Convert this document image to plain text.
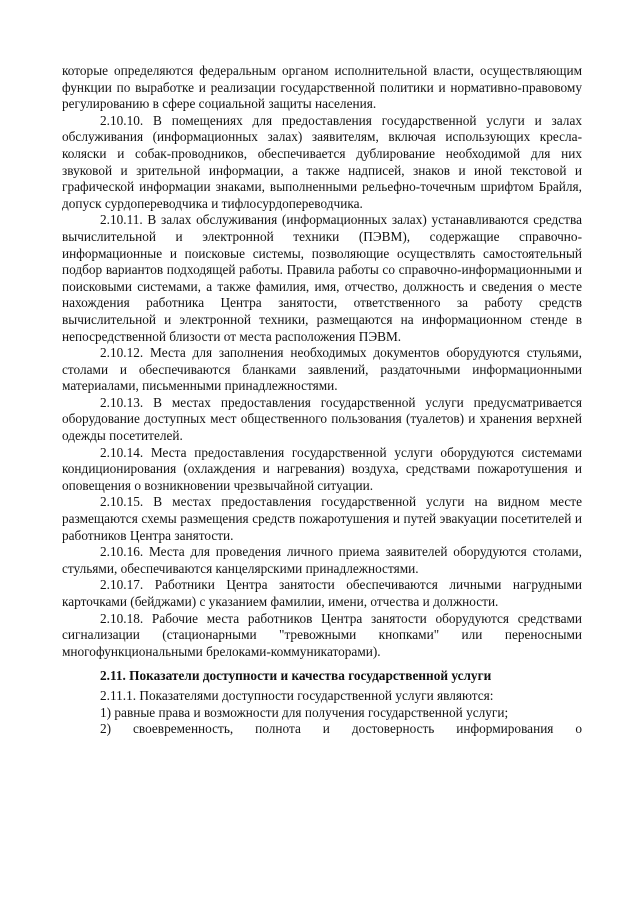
которые определяются федеральным органом исполнительной власти, осуществляющим функции по выработке и реализации государственной политики и нормативно-правовому регулированию в сфере социальной защиты населения.

2.10.10. В помещениях для предоставления государственной услуги и залах обслуживания (информационных залах) заявителям, включая использующих кресла-коляски и собак-проводников, обеспечивается дублирование необходимой для них звуковой и зрительной информации, а также надписей, знаков и иной текстовой и графической информации знаками, выполненными рельефно-точечным шрифтом Брайля, допуск сурдопереводчика и тифлосурдопереводчика.

2.10.11. В залах обслуживания (информационных залах) устанавливаются средства вычислительной и электронной техники (ПЭВМ), содержащие справочно-информационные и поисковые системы, позволяющие осуществлять самостоятельный подбор вариантов подходящей работы. Правила работы со справочно-информационными и поисковыми системами, а также фамилия, имя, отчество, должность и сведения о месте нахождения работника Центра занятости, ответственного за работу средств вычислительной и электронной техники, размещаются на информационном стенде в непосредственной близости от места расположения ПЭВМ.

2.10.12. Места для заполнения необходимых документов оборудуются стульями, столами и обеспечиваются бланками заявлений, раздаточными информационными материалами, письменными принадлежностями.

2.10.13. В местах предоставления государственной услуги предусматривается оборудование доступных мест общественного пользования (туалетов) и хранения верхней одежды посетителей.

2.10.14. Места предоставления государственной услуги оборудуются системами кондиционирования (охлаждения и нагревания) воздуха, средствами пожаротушения и оповещения о возникновении чрезвычайной ситуации.

2.10.15. В местах предоставления государственной услуги на видном месте размещаются схемы размещения средств пожаротушения и путей эвакуации посетителей и работников Центра занятости.

2.10.16. Места для проведения личного приема заявителей оборудуются столами, стульями, обеспечиваются канцелярскими принадлежностями.

2.10.17. Работники Центра занятости обеспечиваются личными нагрудными карточками (бейджами) с указанием фамилии, имени, отчества и должности.

2.10.18. Рабочие места работников Центра занятости оборудуются средствами сигнализации (стационарными "тревожными кнопками" или переносными многофункциональными брелоками-коммуникаторами).

2.11. Показатели доступности и качества государственной услуги

2.11.1. Показателями доступности государственной услуги являются:

1) равные права и возможности для получения государственной услуги;

2) своевременность, полнота и достоверность информирования о
